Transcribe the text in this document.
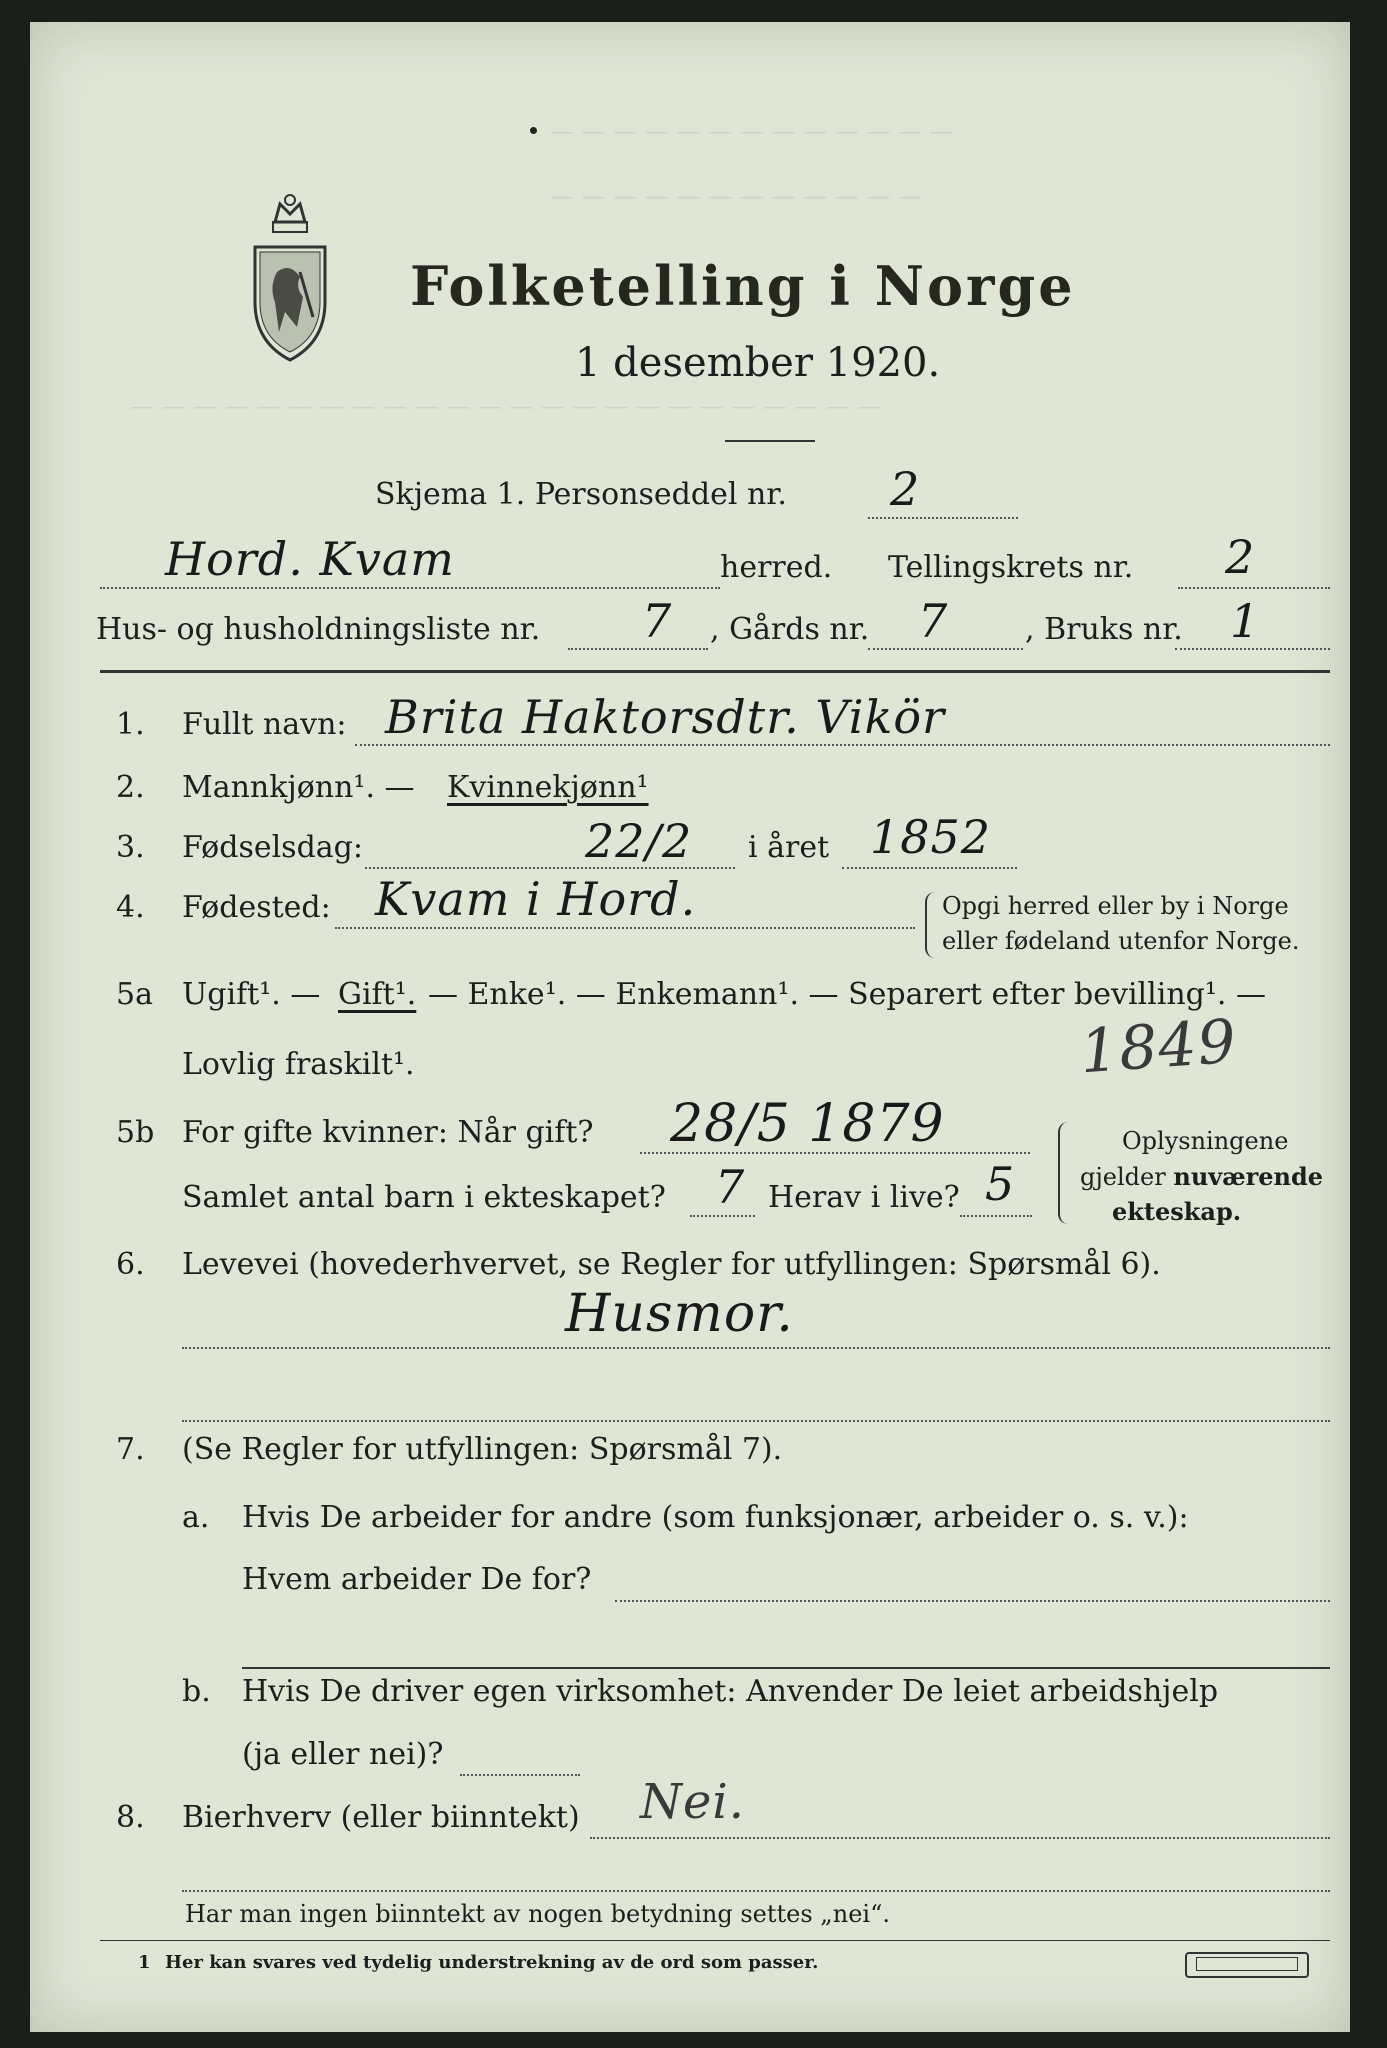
— — — — — — — — — — — — —
— — — — — — — — — — — —
— — — — — — — — — — — — — — — — — — — — — — — —
Folketelling i Norge
1 desember 1920.
Skjema 1. Personseddel nr. 2
Hord. Kvam	herred. Tellingskrets nr. 2
Hus- og husholdningsliste nr. 7 , Gårds nr. 7	, Bruks nr. 1
1. Fullt navn: Brita Haktorsdtr. Vikör
2. Mannkjønn¹. — Kvinnekjønn¹
3. Fødselsdag:	22/2 i året 1852
4. Fødested: Kvam i Hord.	Opgi herred eller by i Norge
eller fødeland utenfor Norge.
5a Ugift¹. — Gift¹. — Enke¹. — Enkemann¹. — Separert efter bevilling¹. —
Lovlig fraskilt¹.	1849
5b For gifte kvinner: Når gift? 28/5 1879
Samlet antal barn i ekteskapet? 7 Herav i live? 5
Oplysningene
gjelder nuværende
ekteskap.
6. Levevei (hovederhvervet, se Regler for utfyllingen: Spørsmål 6).
Husmor.
7. (Se Regler for utfyllingen: Spørsmål 7).
a. Hvis De arbeider for andre (som funksjonær, arbeider o. s. v.):
Hvem arbeider De for?
b. Hvis De driver egen virksomhet: Anvender De leiet arbeidshjelp
(ja eller nei)?
8. Bierhverv (eller biinntekt) Nei.
Har man ingen biinntekt av nogen betydning settes „nei“.
1 Her kan svares ved tydelig understrekning av de ord som passer.
